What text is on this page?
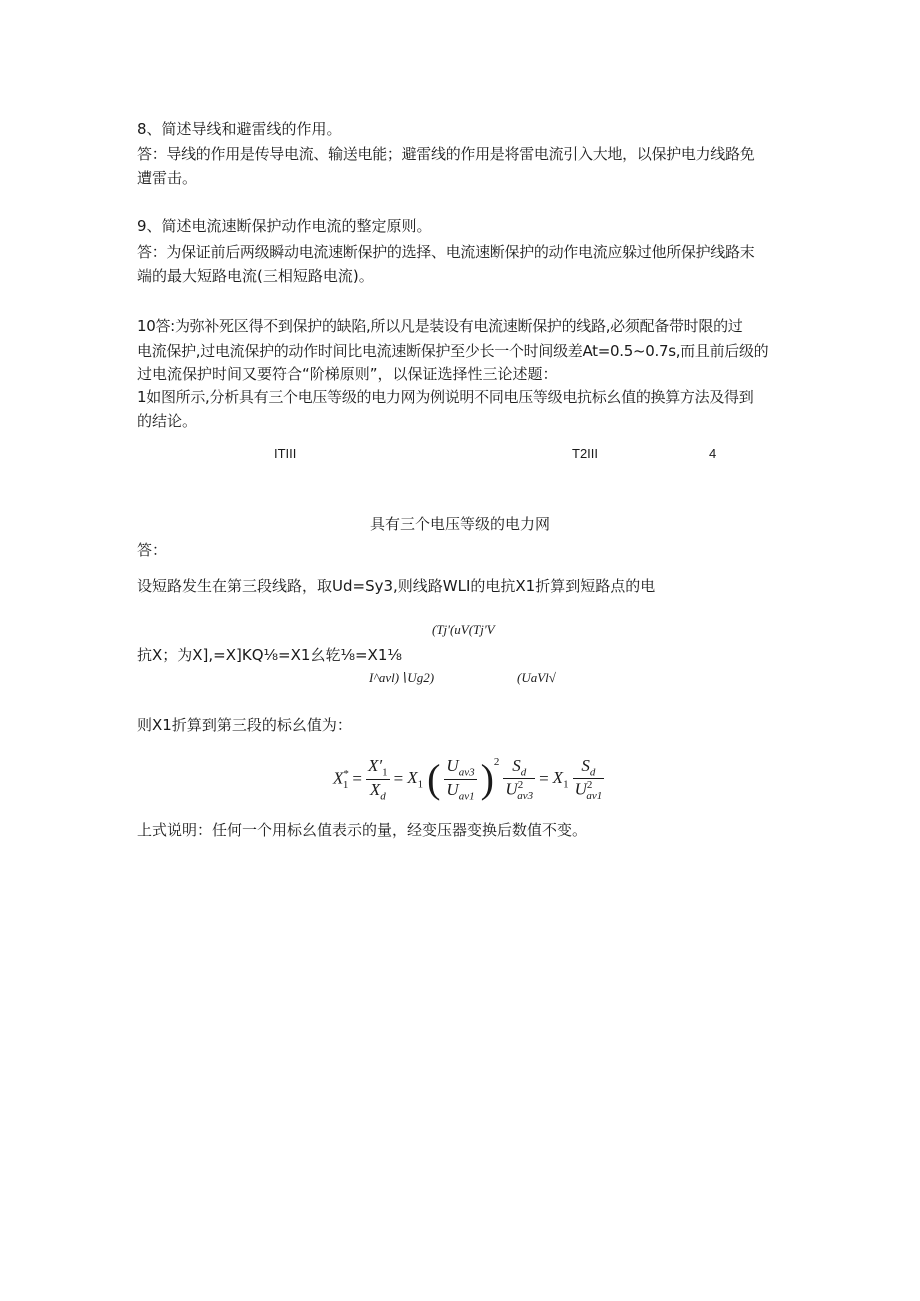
8、简述导线和避雷线的作用。
答：导线的作用是传导电流、输送电能；避雷线的作用是将雷电流引入大地，以保护电力线路免
遭雷击。
9、简述电流速断保护动作电流的整定原则。
答：为保证前后两级瞬动电流速断保护的选择、电流速断保护的动作电流应躲过他所保护线路末
端的最大短路电流(三相短路电流)。
10答:为弥补死区得不到保护的缺陷,所以凡是装设有电流速断保护的线路,必须配备带时限的过
电流保护,过电流保护的动作时间比电流速断保护至少长一个时间级差At=0.5~0.7s,而且前后级的
过电流保护时间又要符合“阶梯原则”，以保证选择性三论述题：
1如图所示,分析具有三个电压等级的电力网为例说明不同电压等级电抗标幺值的换算方法及得到
的结论。
ITIII	T2III	4
具有三个电压等级的电力网
答：
设短路发生在第三段线路，取Ud=Sy3,则线路WLI的电抗X1折算到短路点的电
(Tj'(uV(Tj'V
抗X；为X],=X]KQ⅛=X1幺䢀⅛=X1⅛
I^avl)∖Ug2)	(UaVl√
则X1折算到第三段的标幺值为：
$X^*_1 = \frac{X'_1}{X_d} = X_1$ ( $\frac{U_{av3}}{U_{av1}} )^2 \frac{S_d}{U^2_{av3}} = X_1 \frac{S_d}{U^2_{av1}}$
上式说明：任何一个用标幺值表示的量，经变压器变换后数值不变。
